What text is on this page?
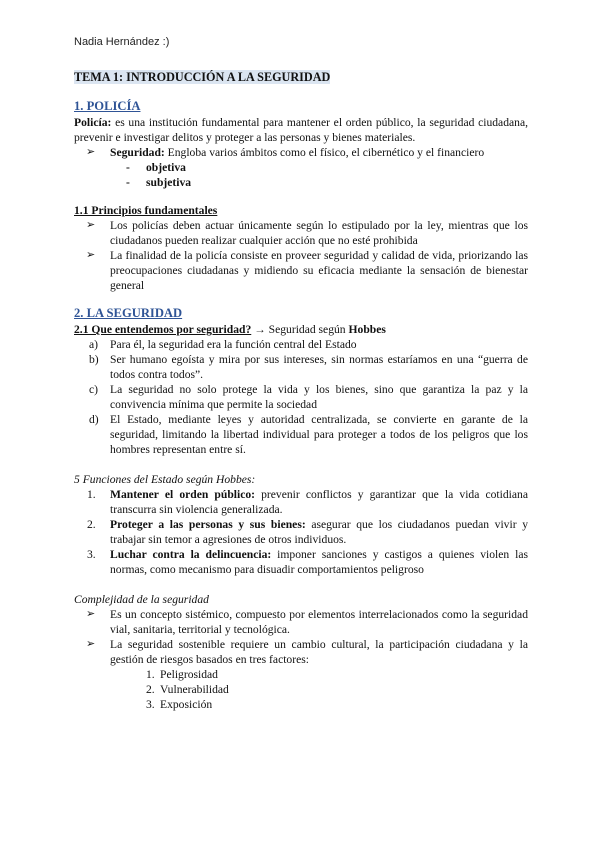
Nadia Hernández :)
TEMA 1: INTRODUCCIÓN A LA SEGURIDAD
1. POLICÍA
Policía: es una institución fundamental para mantener el orden público, la seguridad ciudadana, prevenir e investigar delitos y proteger a las personas y bienes materiales.
➢	Seguridad: Engloba varios ámbitos como el físico, el cibernético y el financiero
-	objetiva
-	subjetiva
1.1 Principios fundamentales
➢	Los policías deben actuar únicamente según lo estipulado por la ley, mientras que los ciudadanos pueden realizar cualquier acción que no esté prohibida
➢	La finalidad de la policía consiste en proveer seguridad y calidad de vida, priorizando las preocupaciones ciudadanas y midiendo su eficacia mediante la sensación de bienestar general
2. LA SEGURIDAD
2.1 Que entendemos por seguridad? → Seguridad según Hobbes
a)	Para él, la seguridad era la función central del Estado
b) Ser humano egoísta y mira por sus intereses, sin normas estaríamos en una “guerra de todos contra todos”.
c)	La seguridad no solo protege la vida y los bienes, sino que garantiza la paz y la convivencia mínima que permite la sociedad
d) El Estado, mediante leyes y autoridad centralizada, se convierte en garante de la seguridad, limitando la libertad individual para proteger a todos de los peligros que los hombres representan entre sí.
5 Funciones del Estado según Hobbes:
1.	Mantener el orden público: prevenir conflictos y garantizar que la vida cotidiana transcurra sin violencia generalizada.
2.	Proteger a las personas y sus bienes: asegurar que los ciudadanos puedan vivir y trabajar sin temor a agresiones de otros individuos.
3.	Luchar contra la delincuencia: imponer sanciones y castigos a quienes violen las normas, como mecanismo para disuadir comportamientos peligroso
Complejidad de la seguridad
➢	Es un concepto sistémico, compuesto por elementos interrelacionados como la seguridad vial, sanitaria, territorial y tecnológica.
➢	La seguridad sostenible requiere un cambio cultural, la participación ciudadana y la gestión de riesgos basados en tres factores:
1. Peligrosidad
2. Vulnerabilidad
3. Exposición
